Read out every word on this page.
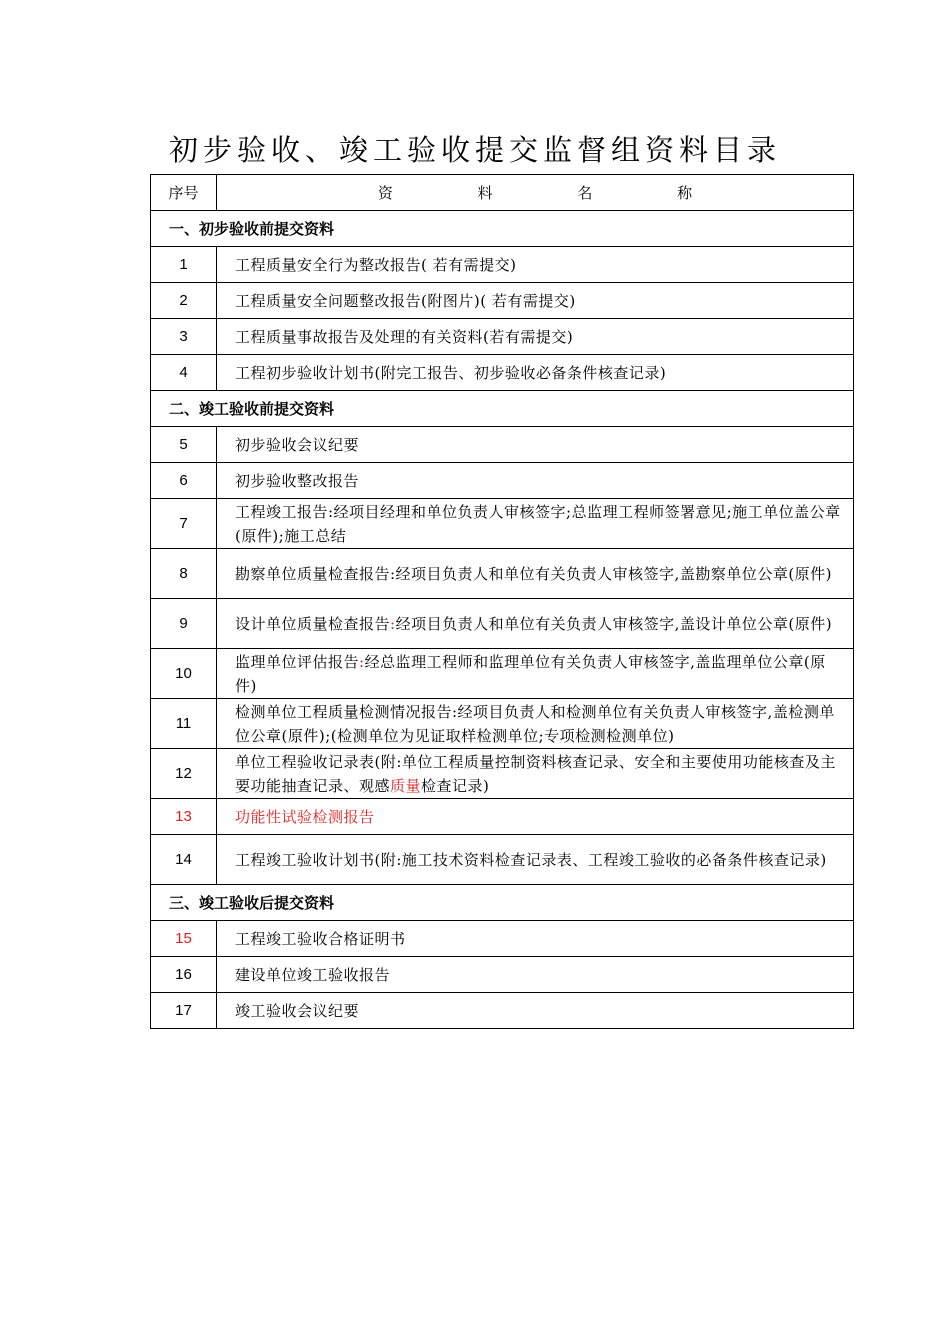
初步验收、竣工验收提交监督组资料目录
序号	资 料 名 称
一、初步验收前提交资料	
1	工程质量安全行为整改报告( 若有需提交)
2	工程质量安全问题整改报告(附图片)( 若有需提交)
3	工程质量事故报告及处理的有关资料(若有需提交)
4	工程初步验收计划书(附完工报告、初步验收必备条件核查记录)
二、竣工验收前提交资料	
5	初步验收会议纪要
6	初步验收整改报告
7	工程竣工报告:经项目经理和单位负责人审核签字;总监理工程师签署意见;施工单位盖公章(原件);施工总结
8	勘察单位质量检查报告:经项目负责人和单位有关负责人审核签字,盖勘察单位公章(原件)
9	设计单位质量检查报告:经项目负责人和单位有关负责人审核签字,盖设计单位公章(原件)
10	监理单位评估报告:经总监理工程师和监理单位有关负责人审核签字,盖监理单位公章(原件)
11	检测单位工程质量检测情况报告:经项目负责人和检测单位有关负责人审核签字,盖检测单位公章(原件);(检测单位为见证取样检测单位;专项检测检测单位)
12	单位工程验收记录表(附:单位工程质量控制资料核查记录、安全和主要使用功能核查及主要功能抽查记录、观感质量检查记录)
13	功能性试验检测报告
14	工程竣工验收计划书(附:施工技术资料检查记录表、工程竣工验收的必备条件核查记录)
三、竣工验收后提交资料	
15	工程竣工验收合格证明书
16	建设单位竣工验收报告
17	竣工验收会议纪要
